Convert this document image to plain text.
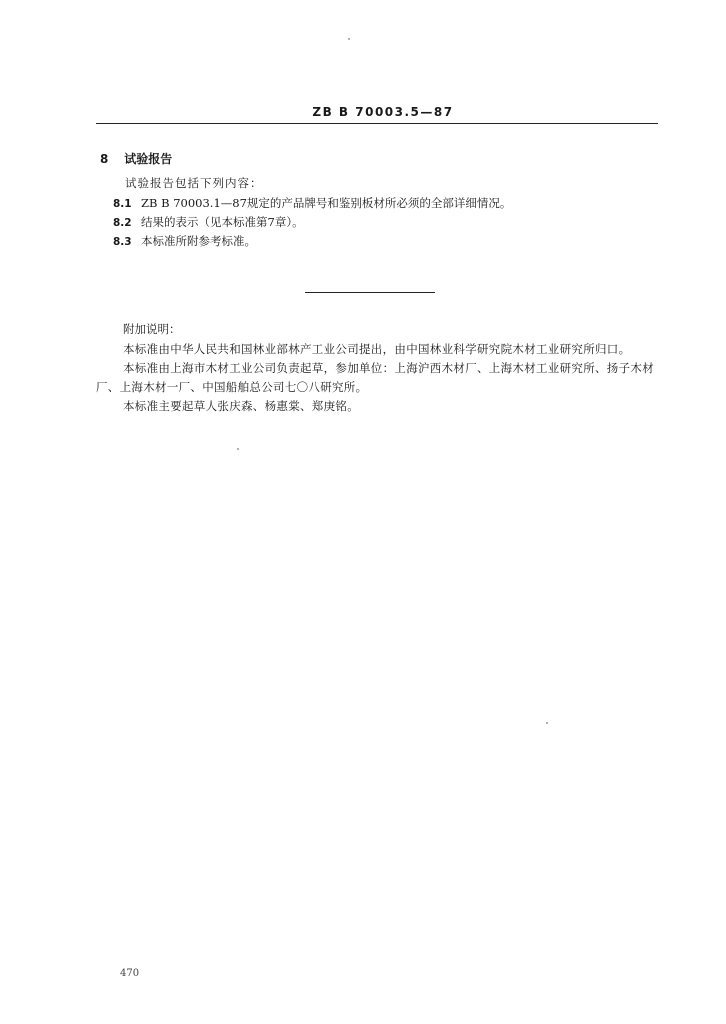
ZB B 70003.5—87
8 试验报告
试验报告包括下列内容：
8.1 ZB B 70003.1—87规定的产品牌号和鉴别板材所必须的全部详细情况。
8.2 结果的表示（见本标准第7章）。
8.3 本标准所附参考标准。
附加说明：
本标准由中华人民共和国林业部林产工业公司提出，由中国林业科学研究院木材工业研究所归口。
本标准由上海市木材工业公司负责起草，参加单位：上海沪西木材厂、上海木材工业研究所、扬子木材厂、上海木材一厂、中国船舶总公司七〇八研究所。
本标准主要起草人张庆森、杨惠棠、郑庚铭。
470
